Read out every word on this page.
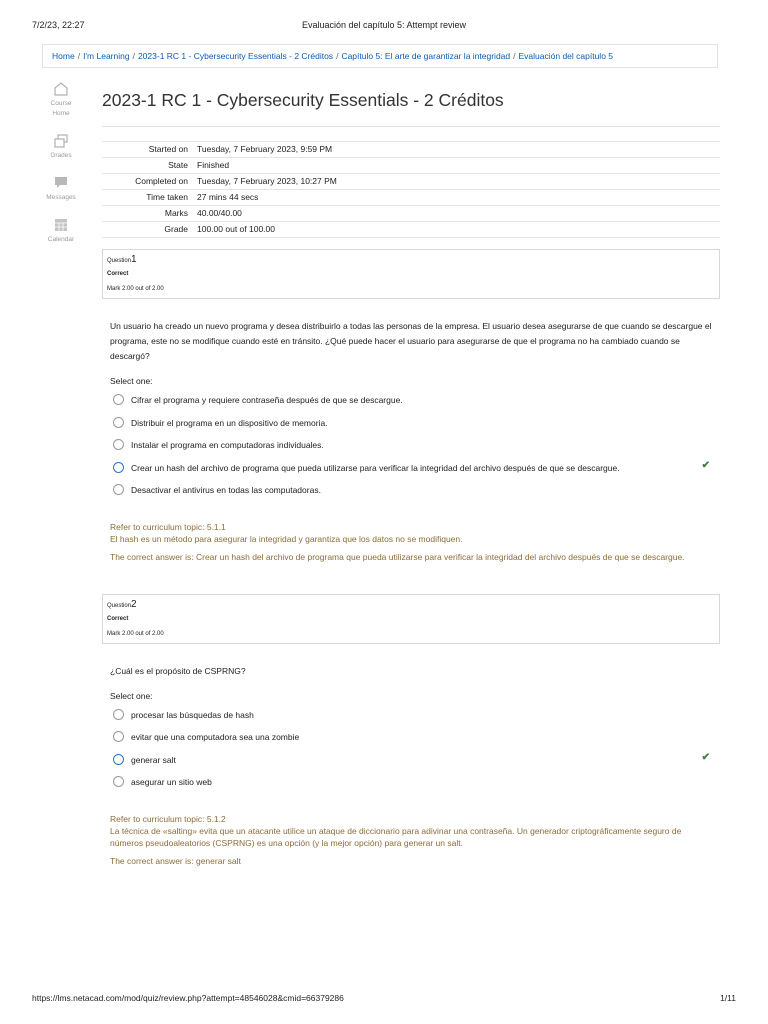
7/2/23, 22:27	Evaluación del capítulo 5: Attempt review
Home / I'm Learning / 2023-1 RC 1 - Cybersecurity Essentials - 2 Créditos / Capítulo 5: El arte de garantizar la integridad / Evaluación del capítulo 5
Course Home
Grades
Messages
Calendar
2023-1 RC 1 - Cybersecurity Essentials - 2 Créditos
Started on Tuesday, 7 February 2023, 9:59 PM
State Finished
Completed on Tuesday, 7 February 2023, 10:27 PM
Time taken 27 mins 44 secs
Marks 40.00/40.00
Grade 100.00 out of 100.00
Question1
Correct
Mark 2.00 out of 2.00
Un usuario ha creado un nuevo programa y desea distribuirlo a todas las personas de la empresa. El usuario desea asegurarse de que cuando se descargue el programa, este no se modifique cuando esté en tránsito. ¿Qué puede hacer el usuario para asegurarse de que el programa no ha cambiado cuando se descargó?
Select one:
Cifrar el programa y requiere contraseña después de que se descargue.
Distribuir el programa en un dispositivo de memoria.
Instalar el programa en computadoras individuales.
Crear un hash del archivo de programa que pueda utilizarse para verificar la integridad del archivo después de que se descargue.	✔
Desactivar el antivirus en todas las computadoras.
Refer to curriculum topic: 5.1.1
El hash es un método para asegurar la integridad y garantiza que los datos no se modifiquen.
The correct answer is: Crear un hash del archivo de programa que pueda utilizarse para verificar la integridad del archivo después de que se descargue.
Question2
Correct
Mark 2.00 out of 2.00
¿Cuál es el propósito de CSPRNG?
Select one:
procesar las búsquedas de hash
evitar que una computadora sea una zombie
generar salt	✔
asegurar un sitio web
Refer to curriculum topic: 5.1.2
La técnica de «salting» evita que un atacante utilice un ataque de diccionario para adivinar una contraseña. Un generador criptográficamente seguro de números pseudoaleatorios (CSPRNG) es una opción (y la mejor opción) para generar un salt.
The correct answer is: generar salt
https://lms.netacad.com/mod/quiz/review.php?attempt=48546028&cmid=66379286	1/11
